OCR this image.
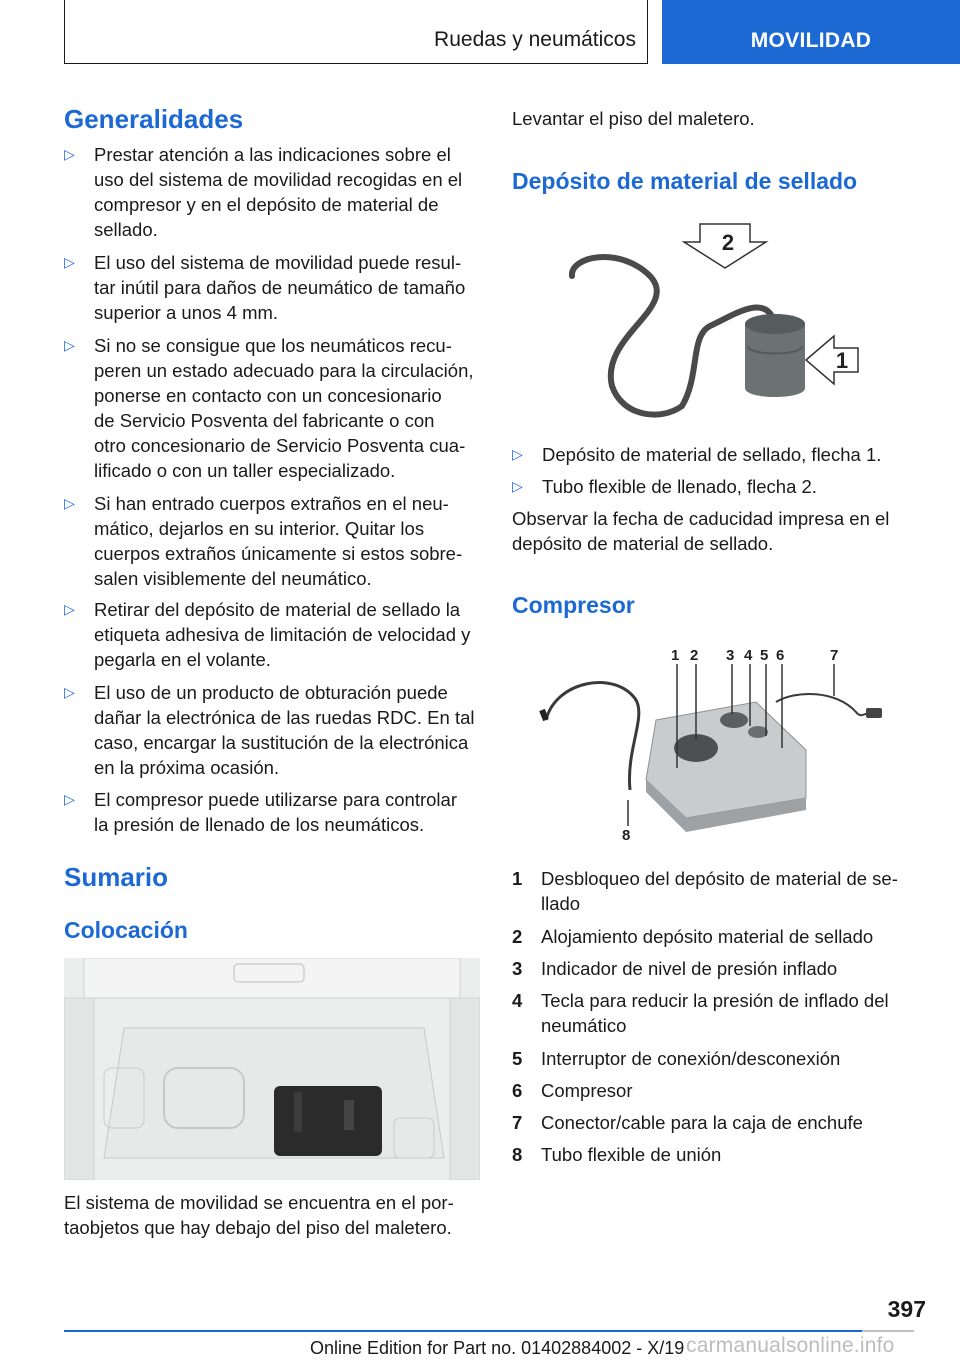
Ruedas y neumáticos	MOVILIDAD
Generalidades
▷ Prestar atención a las indicaciones sobre el
uso del sistema de movilidad recogidas en el
compresor y en el depósito de material de
sellado.
▷ El uso del sistema de movilidad puede resul-
tar inútil para daños de neumático de tamaño
superior a unos 4 mm.
▷ Si no se consigue que los neumáticos recu-
peren un estado adecuado para la circulación,
ponerse en contacto con un concesionario
de Servicio Posventa del fabricante o con
otro concesionario de Servicio Posventa cua-
lificado o con un taller especializado.
▷ Si han entrado cuerpos extraños en el neu-
mático, dejarlos en su interior. Quitar los
cuerpos extraños únicamente si estos sobre-
salen visiblemente del neumático.
▷ Retirar del depósito de material de sellado la
etiqueta adhesiva de limitación de velocidad y
pegarla en el volante.
▷ El uso de un producto de obturación puede
dañar la electrónica de las ruedas RDC. En tal
caso, encargar la sustitución de la electrónica
en la próxima ocasión.
▷ El compresor puede utilizarse para controlar
la presión de llenado de los neumáticos.
Sumario
Colocación
El sistema de movilidad se encuentra en el por-
taobjetos que hay debajo del piso del maletero.
Levantar el piso del maletero.
Depósito de material de sellado
2
1
▷ Depósito de material de sellado, flecha 1.
▷ Tubo flexible de llenado, flecha 2.
Observar la fecha de caducidad impresa en el
depósito de material de sellado.
Compresor
1 2 3 4 5 6	7
8
1 Desbloqueo del depósito de material de se-
llado
2 Alojamiento depósito material de sellado
3 Indicador de nivel de presión inflado
4 Tecla para reducir la presión de inflado del
neumático
5 Interruptor de conexión/desconexión
6 Compresor
7 Conector/cable para la caja de enchufe
8 Tubo flexible de unión
397
Online Edition for Part no. 01402884002 - X/19 carmanualsonline.info
